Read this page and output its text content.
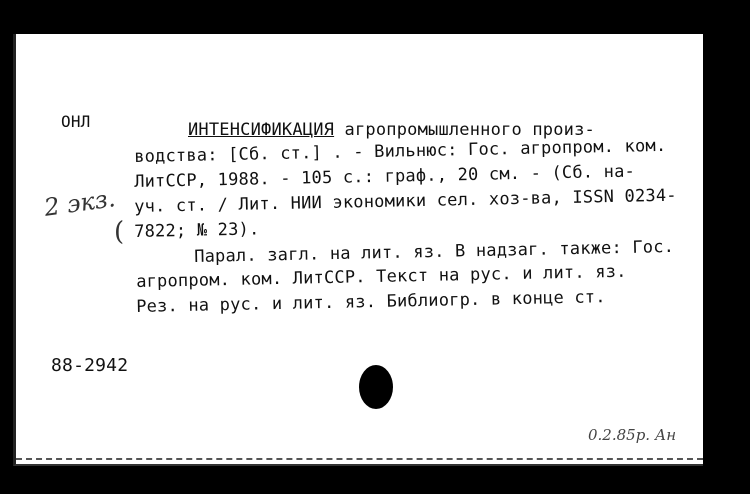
ОНЛ	ИНТЕНСИФИКАЦИЯ агропромышленного произ-
водства: [Сб. ст.] . - Вильнюс: Гос. агропром. ком.
ЛитССР, 1988. - 105 с.: граф., 20 см. - (Сб. на-
уч. ст. / Лит. НИИ экономики сел. хоз-ва, ISSN 0234-
7822; № 23).
Парал. загл. на лит. яз. В надзаг. также: Гос.
агропром. ком. ЛитССР. Текст на рус. и лит. яз.
Рез. на рус. и лит. яз. Библиогр. в конце ст.
88-2942
2 экз.
(
0.2.85р. Ан
